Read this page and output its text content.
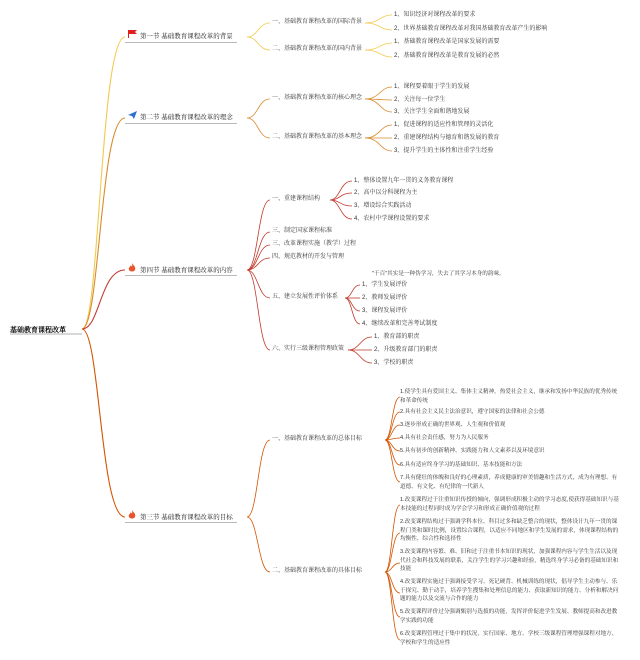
基础教育课程改革
第一节 基础教育课程改革的背景
一、基础教育课程改革的国际背景
二、基础教育课程改革的国内背景
1、知识经济对课程改革的要求
2、世界基础教育课程改革对我国基础教育改革产生的影响
1、基础教育课程改革是国家发展的需要
2、基础教育课程改革是教育发展的必然
第二节 基础教育课程改革的理念
一、基础教育课程改革的核心理念
二、基础教育课程改革的基本理念
1、课程要着眼于学生的发展
2、关注每一位学生
3、关注学生全面和谐地发展
1、促进课程的适应性和管理的灵活化
2、重建课程结构与德育和谐发展的教育
3、提升学生的主体性和注重学生经验
第四节 基础教育课程改革的内容
一、重建课程结构
三、制定国家课程标准
三、改革课程实施（教学）过程
四、规范教材的开发与管理
五、建立发展性评价体系
六、实行三级课程管理政策
1、整体设置九年一贯的义务教育课程
2、高中以分科课程为主
3、增设综合实践活动
4、农村中学课程设置的要求
"千百"其实是一种伪学习，失去了其学习本身的韵味。
1、学生发展评价
2、教师发展评价
3、课程发展评价
4、继续改革和完善考试制度
1、教育部的职责
2、升级教育部门的职责
3、学校的职责
第三节 基础教育课程改革的目标
一、基础教育课程改革的总体目标
二、基础教育课程改革的具体目标
1.使学生具有爱国主义、集体主义精神，热爱社会主义，继承和发扬中华民族的优秀传统和革命传统
2.具有社会主义民主法治意识，遵守国家的法律和社会公德
3.逐步形成正确的世界观、人生观和价值观
4.具有社会责任感，努力为人民服务
5.具有初步的创新精神、实践能力和人文素养以及环境意识
6.具有适应终身学习的基础知识、基本技能和方法
7.具有健壮的体魄和良好的心理素质，养成健康的审美情趣和生活方式，成为有理想、有道德、有文化、有纪律的一代新人
1.改变课程过于注重知识传授的倾向，强调形成积极主动的学习态度,使获得基础知识与基本技能的过程同时成为学会学习和形成正确价值观的过程
2.改变课程结构过于强调学科本位、科目过多和缺乏整合的现状，整体设计九年一贯的课程门类和课时比例，设置综合课程，以适应不同地区和学生发展的需求，体现课程结构的均衡性、综合性和选择性
3.改变课程内容繁、难、旧和过于注重书本知识的现状，加强课程内容与学生生活以及现代社会和科技发展的联系，关注学生的学习兴趣和经验，精选终身学习必备的基础知识和技能
4.改变课程实施过于强调接受学习、死记硬背、机械训练的现状，倡导学生主动参与、乐于探究、勤于动手，培养学生搜集和处理信息的能力、获取新知识的能力、分析和解决问题的能力以及交流与合作的能力
5.改变课程评价过分强调甄别与选拔的功能，发挥评价促进学生发展、教师提高和改进教学实践的功能
6.改变课程管理过于集中的状况，实行国家、地方、学校三级课程管理增强课程对地方、学校和学生的适应性
